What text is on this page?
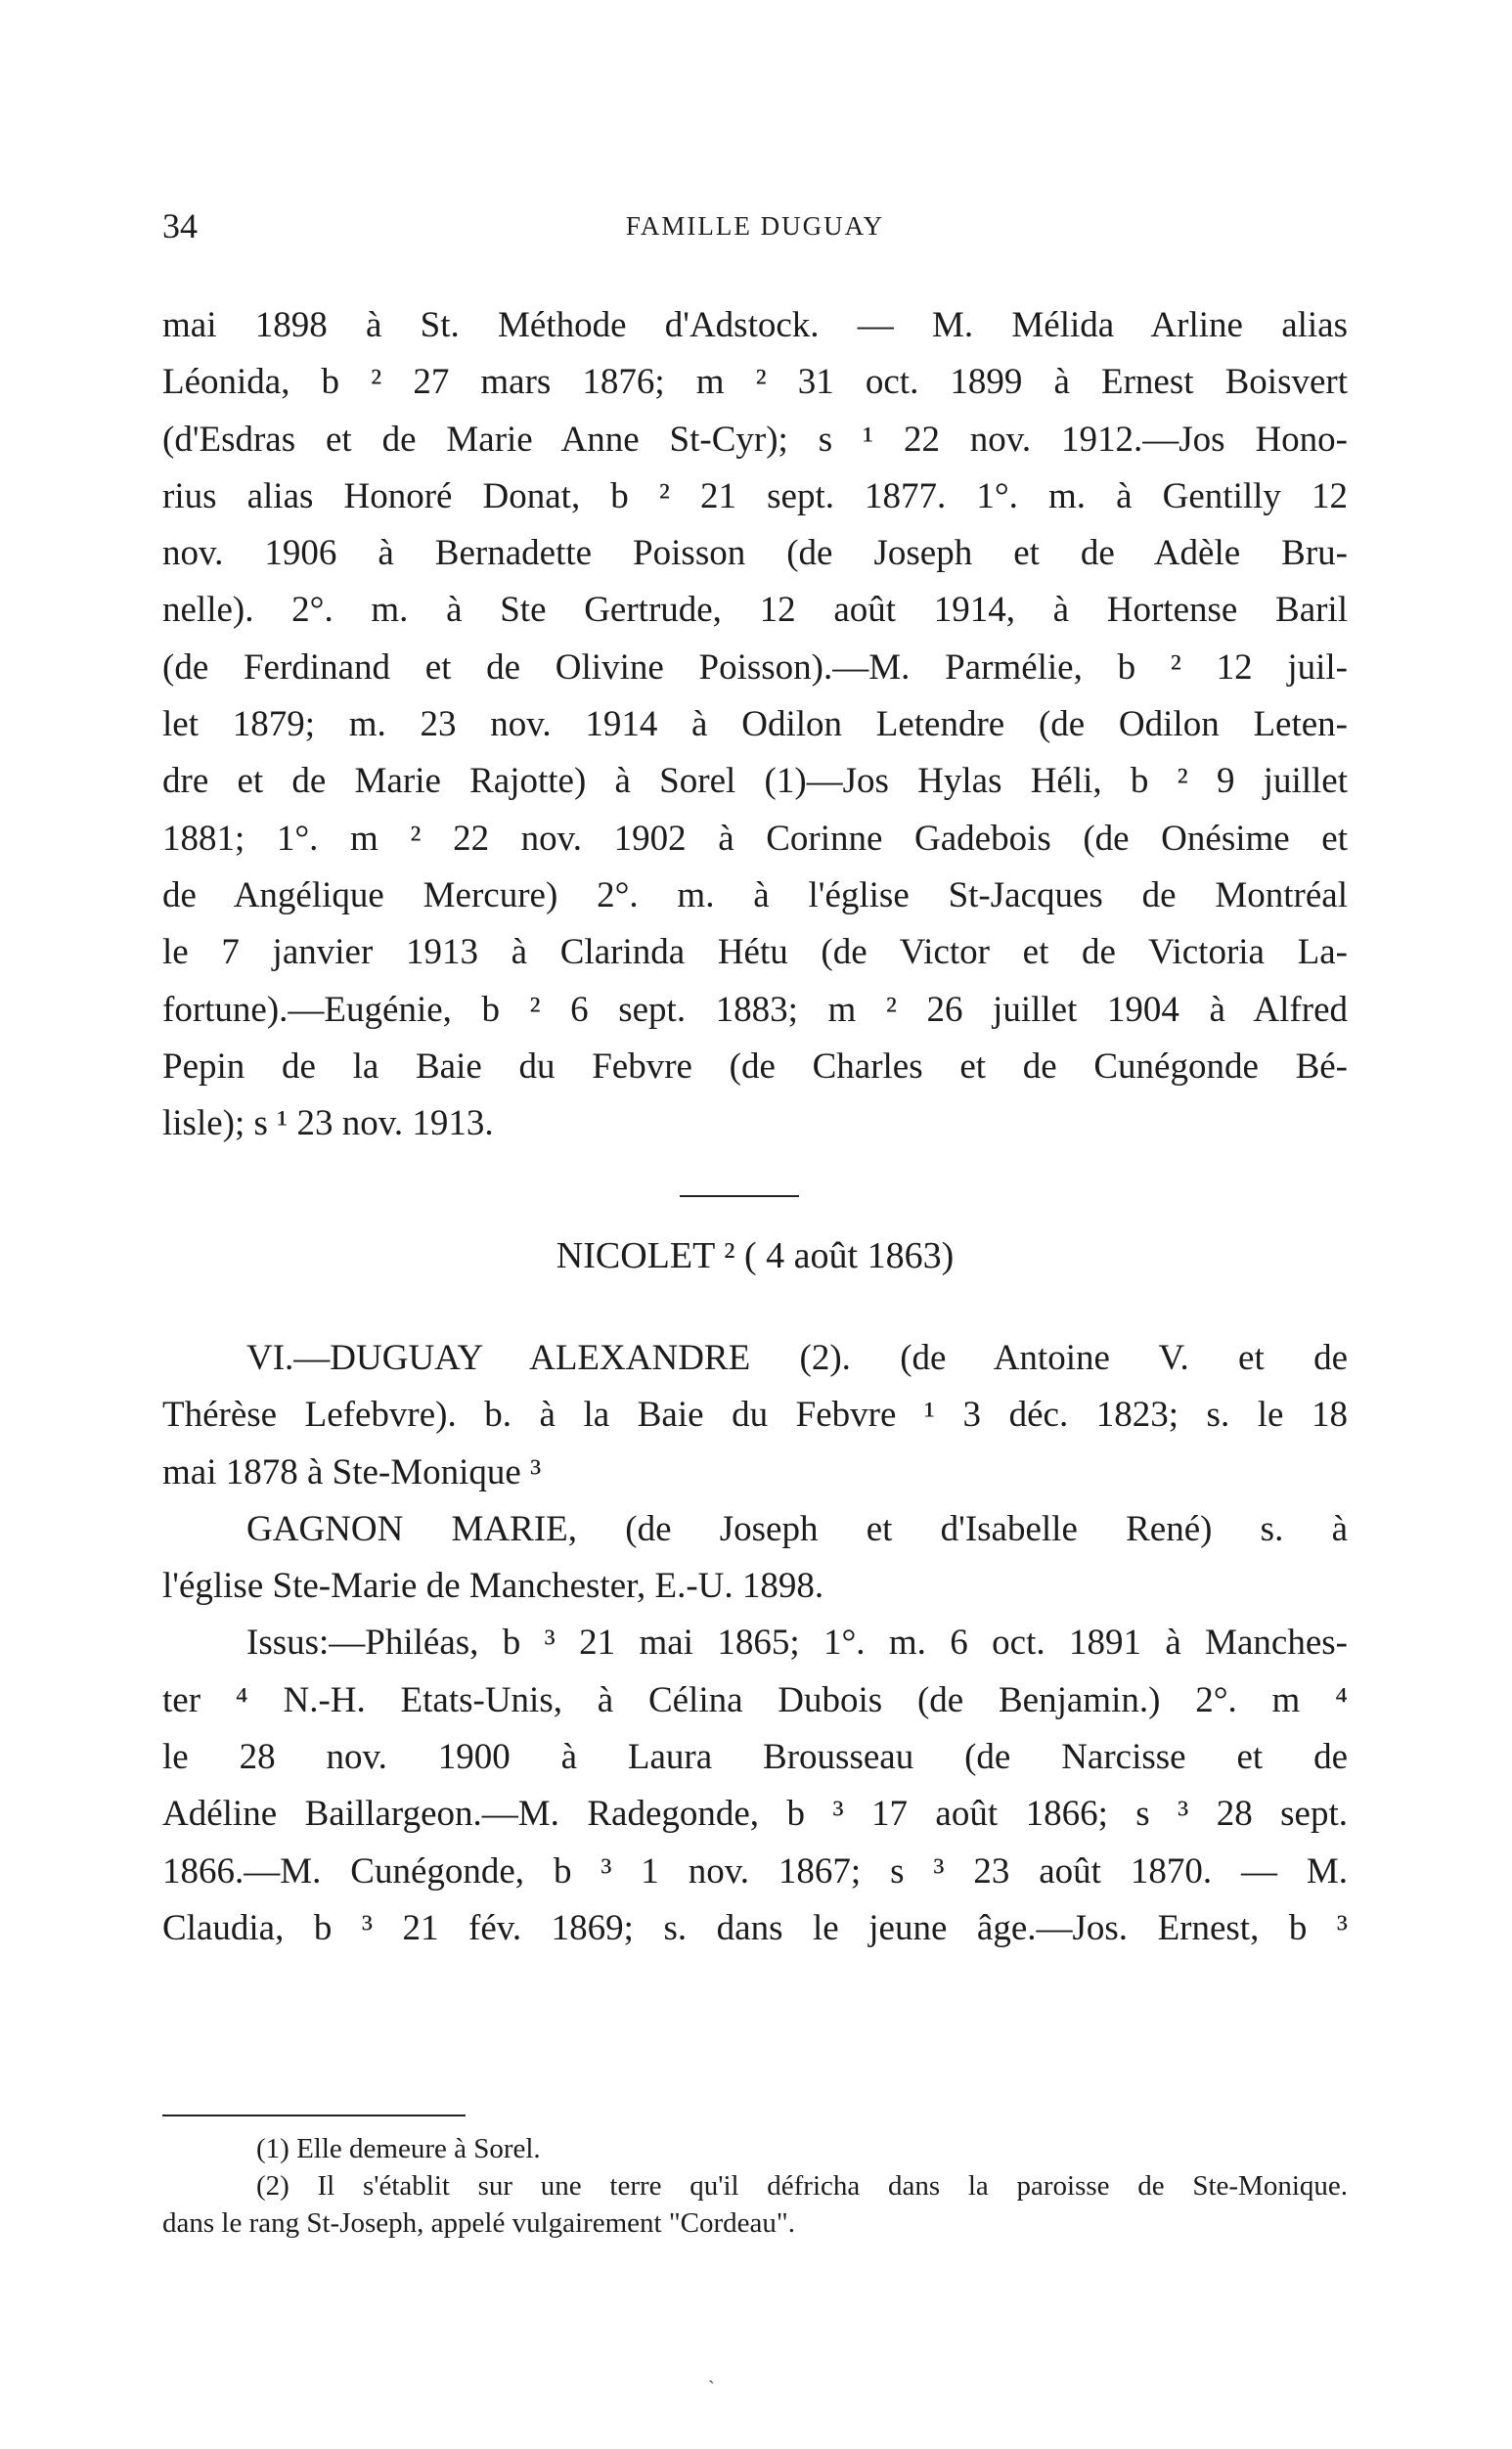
34	FAMILLE DUGUAY
mai 1898 à St. Méthode d'Adstock. — M. Mélida Arline alias
Léonida, b ² 27 mars 1876; m ² 31 oct. 1899 à Ernest Boisvert
(d'Esdras et de Marie Anne St-Cyr); s ¹ 22 nov. 1912.—Jos Hono-
rius alias Honoré Donat, b ² 21 sept. 1877. 1°. m. à Gentilly 12
nov. 1906 à Bernadette Poisson (de Joseph et de Adèle Bru-
nelle). 2°. m. à Ste Gertrude, 12 août 1914, à Hortense Baril
(de Ferdinand et de Olivine Poisson).—M. Parmélie, b ² 12 juil-
let 1879; m. 23 nov. 1914 à Odilon Letendre (de Odilon Leten-
dre et de Marie Rajotte) à Sorel (1)—Jos Hylas Héli, b ² 9 juillet
1881; 1°. m ² 22 nov. 1902 à Corinne Gadebois (de Onésime et
de Angélique Mercure) 2°. m. à l'église St-Jacques de Montréal
le 7 janvier 1913 à Clarinda Hétu (de Victor et de Victoria La-
fortune).—Eugénie, b ² 6 sept. 1883; m ² 26 juillet 1904 à Alfred
Pepin de la Baie du Febvre (de Charles et de Cunégonde Bé-
lisle); s ¹ 23 nov. 1913.
NICOLET ² ( 4 août 1863)
VI.—DUGUAY ALEXANDRE (2). (de Antoine V. et de
Thérèse Lefebvre). b. à la Baie du Febvre ¹ 3 déc. 1823; s. le 18
mai 1878 à Ste-Monique ³
GAGNON MARIE, (de Joseph et d'Isabelle René) s. à
l'église Ste-Marie de Manchester, E.-U. 1898.
Issus:—Philéas, b ³ 21 mai 1865; 1°. m. 6 oct. 1891 à Manches-
ter ⁴ N.-H. Etats-Unis, à Célina Dubois (de Benjamin.) 2°. m ⁴
le 28 nov. 1900 à Laura Brousseau (de Narcisse et de
Adéline Baillargeon.—M. Radegonde, b ³ 17 août 1866; s ³ 28 sept.
1866.—M. Cunégonde, b ³ 1 nov. 1867; s ³ 23 août 1870. — M.
Claudia, b ³ 21 fév. 1869; s. dans le jeune âge.—Jos. Ernest, b ³
(1) Elle demeure à Sorel.
(2) Il s'établit sur une terre qu'il défricha dans la paroisse de Ste-Monique.
dans le rang St-Joseph, appelé vulgairement "Cordeau".
˴
